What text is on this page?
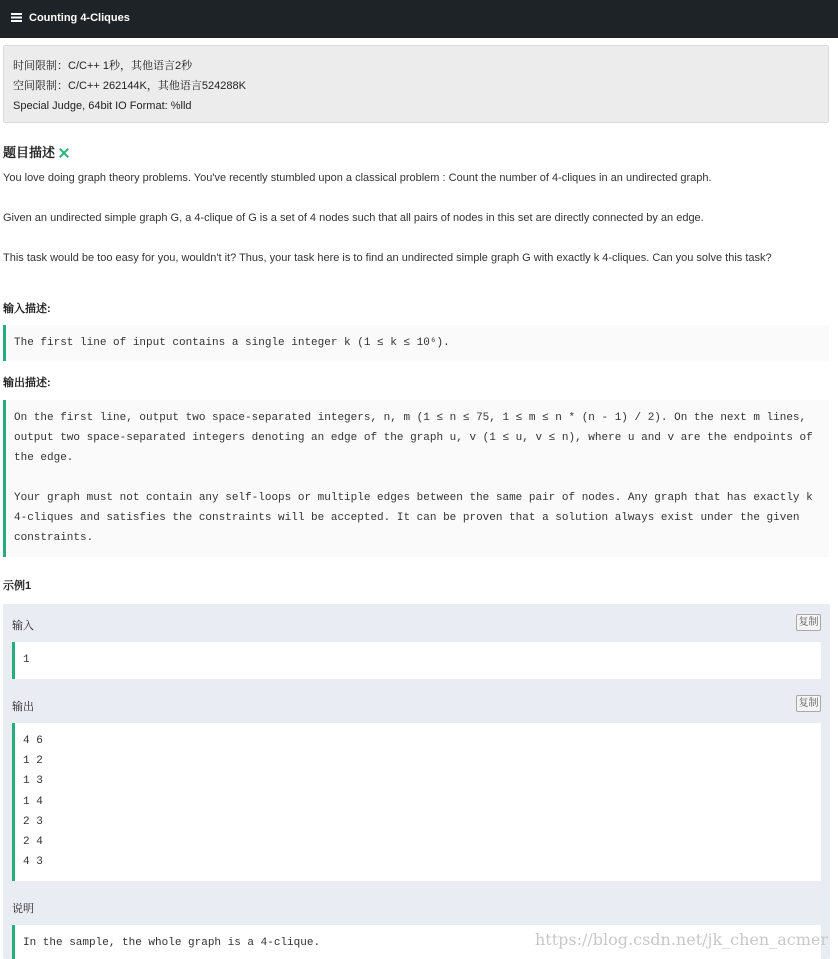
Counting 4-Cliques
时间限制：C/C++ 1秒，其他语言2秒
空间限制：C/C++ 262144K，其他语言524288K
Special Judge, 64bit IO Format: %lld
题目描述
You love doing graph theory problems. You've recently stumbled upon a classical problem : Count the number of 4-cliques in an undirected graph.
Given an undirected simple graph G, a 4-clique of G is a set of 4 nodes such that all pairs of nodes in this set are directly connected by an edge.
This task would be too easy for you, wouldn't it? Thus, your task here is to find an undirected simple graph G with exactly k 4-cliques. Can you solve this task?
输入描述:
The first line of input contains a single integer k (1 ≤ k ≤ 10⁶).
输出描述:
On the first line, output two space-separated integers, n, m (1 ≤ n ≤ 75, 1 ≤ m ≤ n * (n - 1) / 2). On the next m lines,
output two space-separated integers denoting an edge of the graph u, v (1 ≤ u, v ≤ n), where u and v are the endpoints of
the edge.
Your graph must not contain any self-loops or multiple edges between the same pair of nodes. Any graph that has exactly k
4-cliques and satisfies the constraints will be accepted. It can be proven that a solution always exist under the given
constraints.
示例1
输入	复制
1
输出	复制
4 6
1 2
1 3
1 4
2 3
2 4
4 3
说明
In the sample, the whole graph is a 4-clique.	https://blog.csdn.net/jk_chen_acmer
